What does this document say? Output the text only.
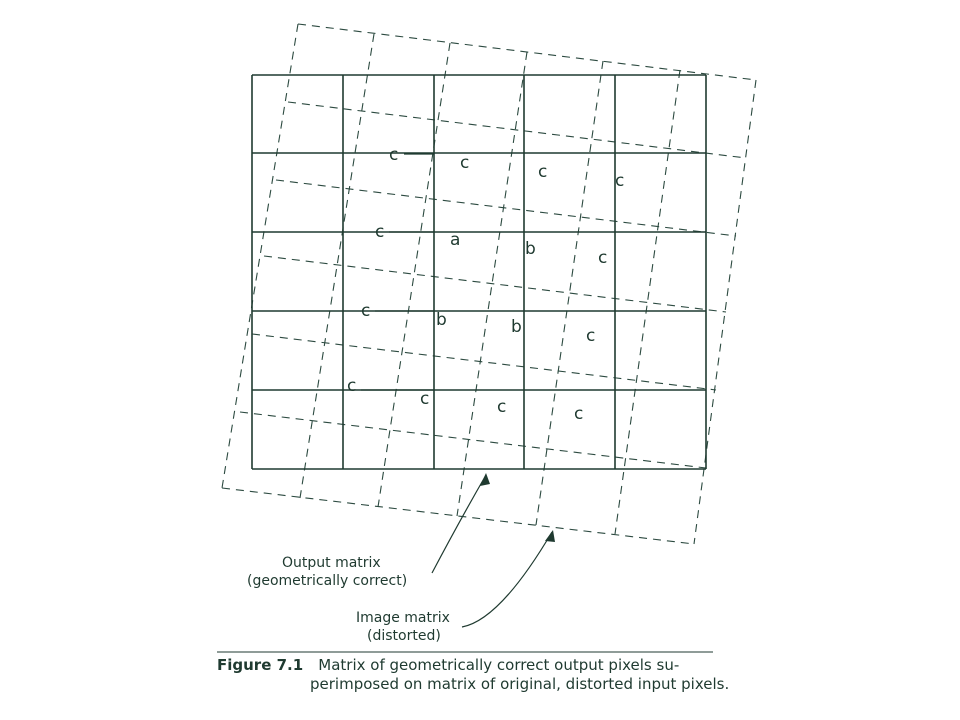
c	c	c	c
c	a	b	c
c	b	b	c
c
c	c	c
Output matrix
(geometrically correct)
Image matrix
(distorted)
Figure 7.1 Matrix of geometrically correct output pixels su-
perimposed on matrix of original, distorted input pixels.
